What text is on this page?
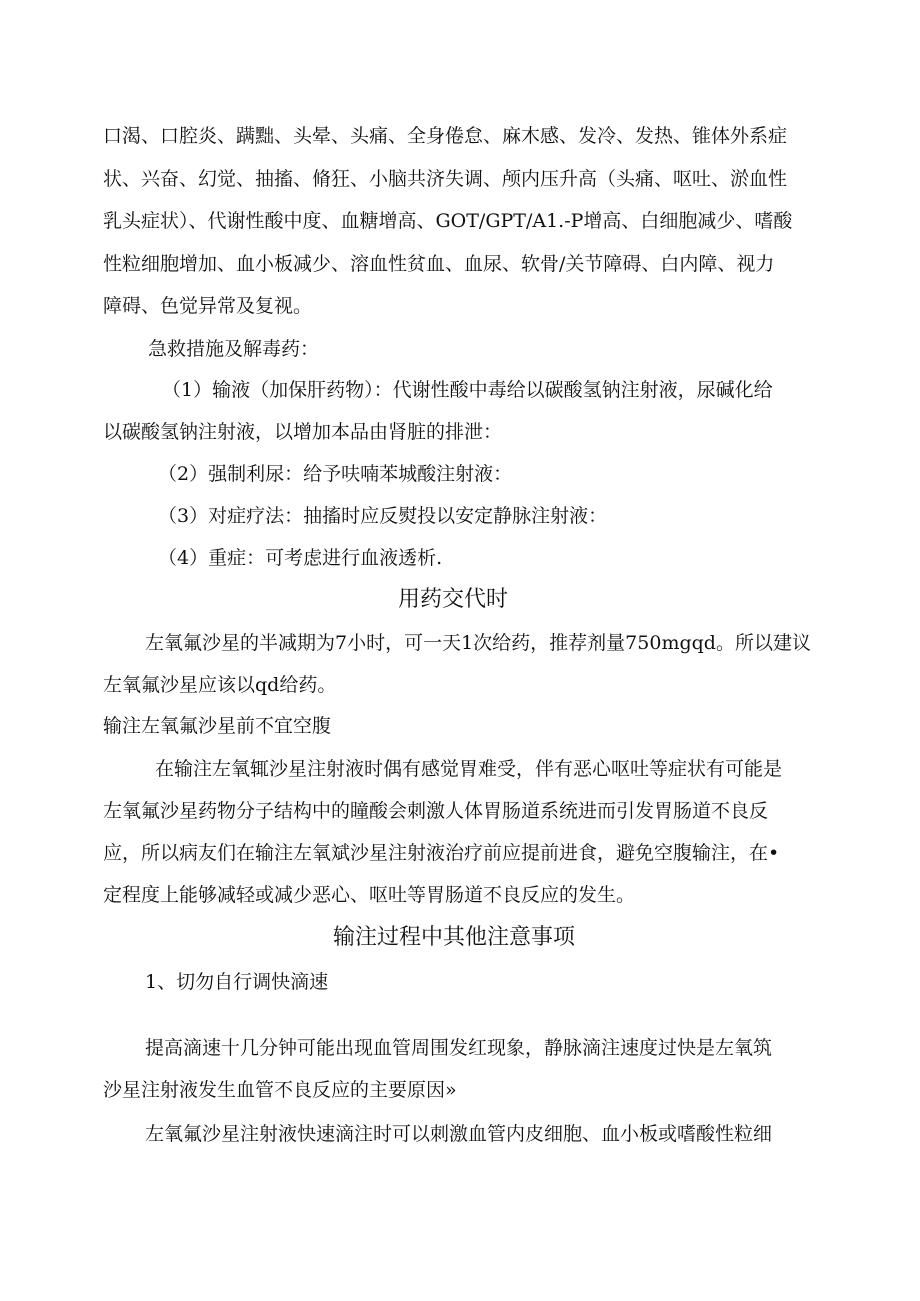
口渴、口腔炎、蹒黜、头晕、头痛、全身倦怠、麻木感、发冷、发热、锥体外系症
状、兴奋、幻觉、抽搐、脩狂、小脑共济失调、颅内压升高（头痛、呕吐、淤血性
乳头症状）、代谢性酸中度、血糖增高、GOT/GPT/A1.-P增高、白细胞减少、嗜酸
性粒细胞增加、血小板减少、溶血性贫血、血尿、软骨/关节障碍、白内障、视力
障碍、色觉异常及复视。
急救措施及解毒药：
（1）输液（加保肝药物）：代谢性酸中毒给以碳酸氢钠注射液，尿碱化给
以碳酸氢钠注射液，以增加本品由肾脏的排泄：
（2）强制利尿：给予呋喃苯城酸注射液：
（3）对症疗法：抽搐时应反熨投以安定静脉注射液：
（4）重症：可考虑进行血液透析.
用药交代时
左氧氟沙星的半减期为7小时，可一天1次给药，推荐剂量750mgqd。所以建议
左氧氟沙星应该以qd给药。
输注左氧氟沙星前不宜空腹
在输注左氧辄沙星注射液时偶有感觉胃难受，伴有恶心呕吐等症状有可能是
左氧氟沙星药物分子结构中的瞳酸会刺激人体胃肠道系统进而引发胃肠道不良反
应，所以病友们在输注左氧斌沙星注射液治疗前应提前进食，避免空腹输注，在•
定程度上能够减轻或减少恶心、呕吐等胃肠道不良反应的发生。
输注过程中其他注意事项
1、切勿自行调快滴速
提高滴速十几分钟可能出现血管周围发红现象，静脉滴注速度过快是左氧筑
沙星注射液发生血管不良反应的主要原因»
左氧氟沙星注射液快速滴注时可以刺激血管内皮细胞、血小板或嗜酸性粒细
